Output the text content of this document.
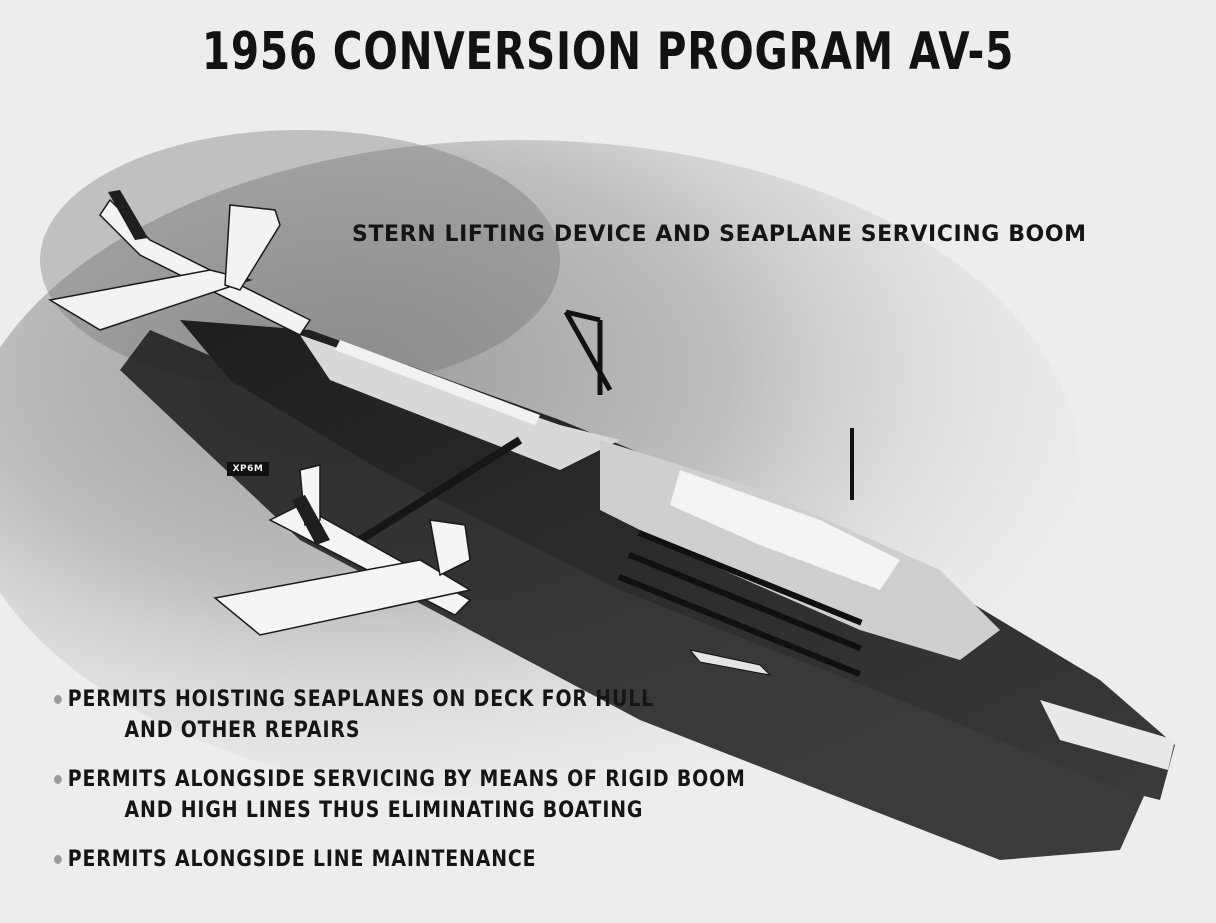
1956 CONVERSION PROGRAM AV-5
STERN LIFTING DEVICE AND SEAPLANE SERVICING BOOM
XP6M
PERMITS HOISTING SEAPLANES ON DECK FOR HULL
AND OTHER REPAIRS
PERMITS ALONGSIDE SERVICING BY MEANS OF RIGID BOOM
AND HIGH LINES THUS ELIMINATING BOATING
PERMITS ALONGSIDE LINE MAINTENANCE
